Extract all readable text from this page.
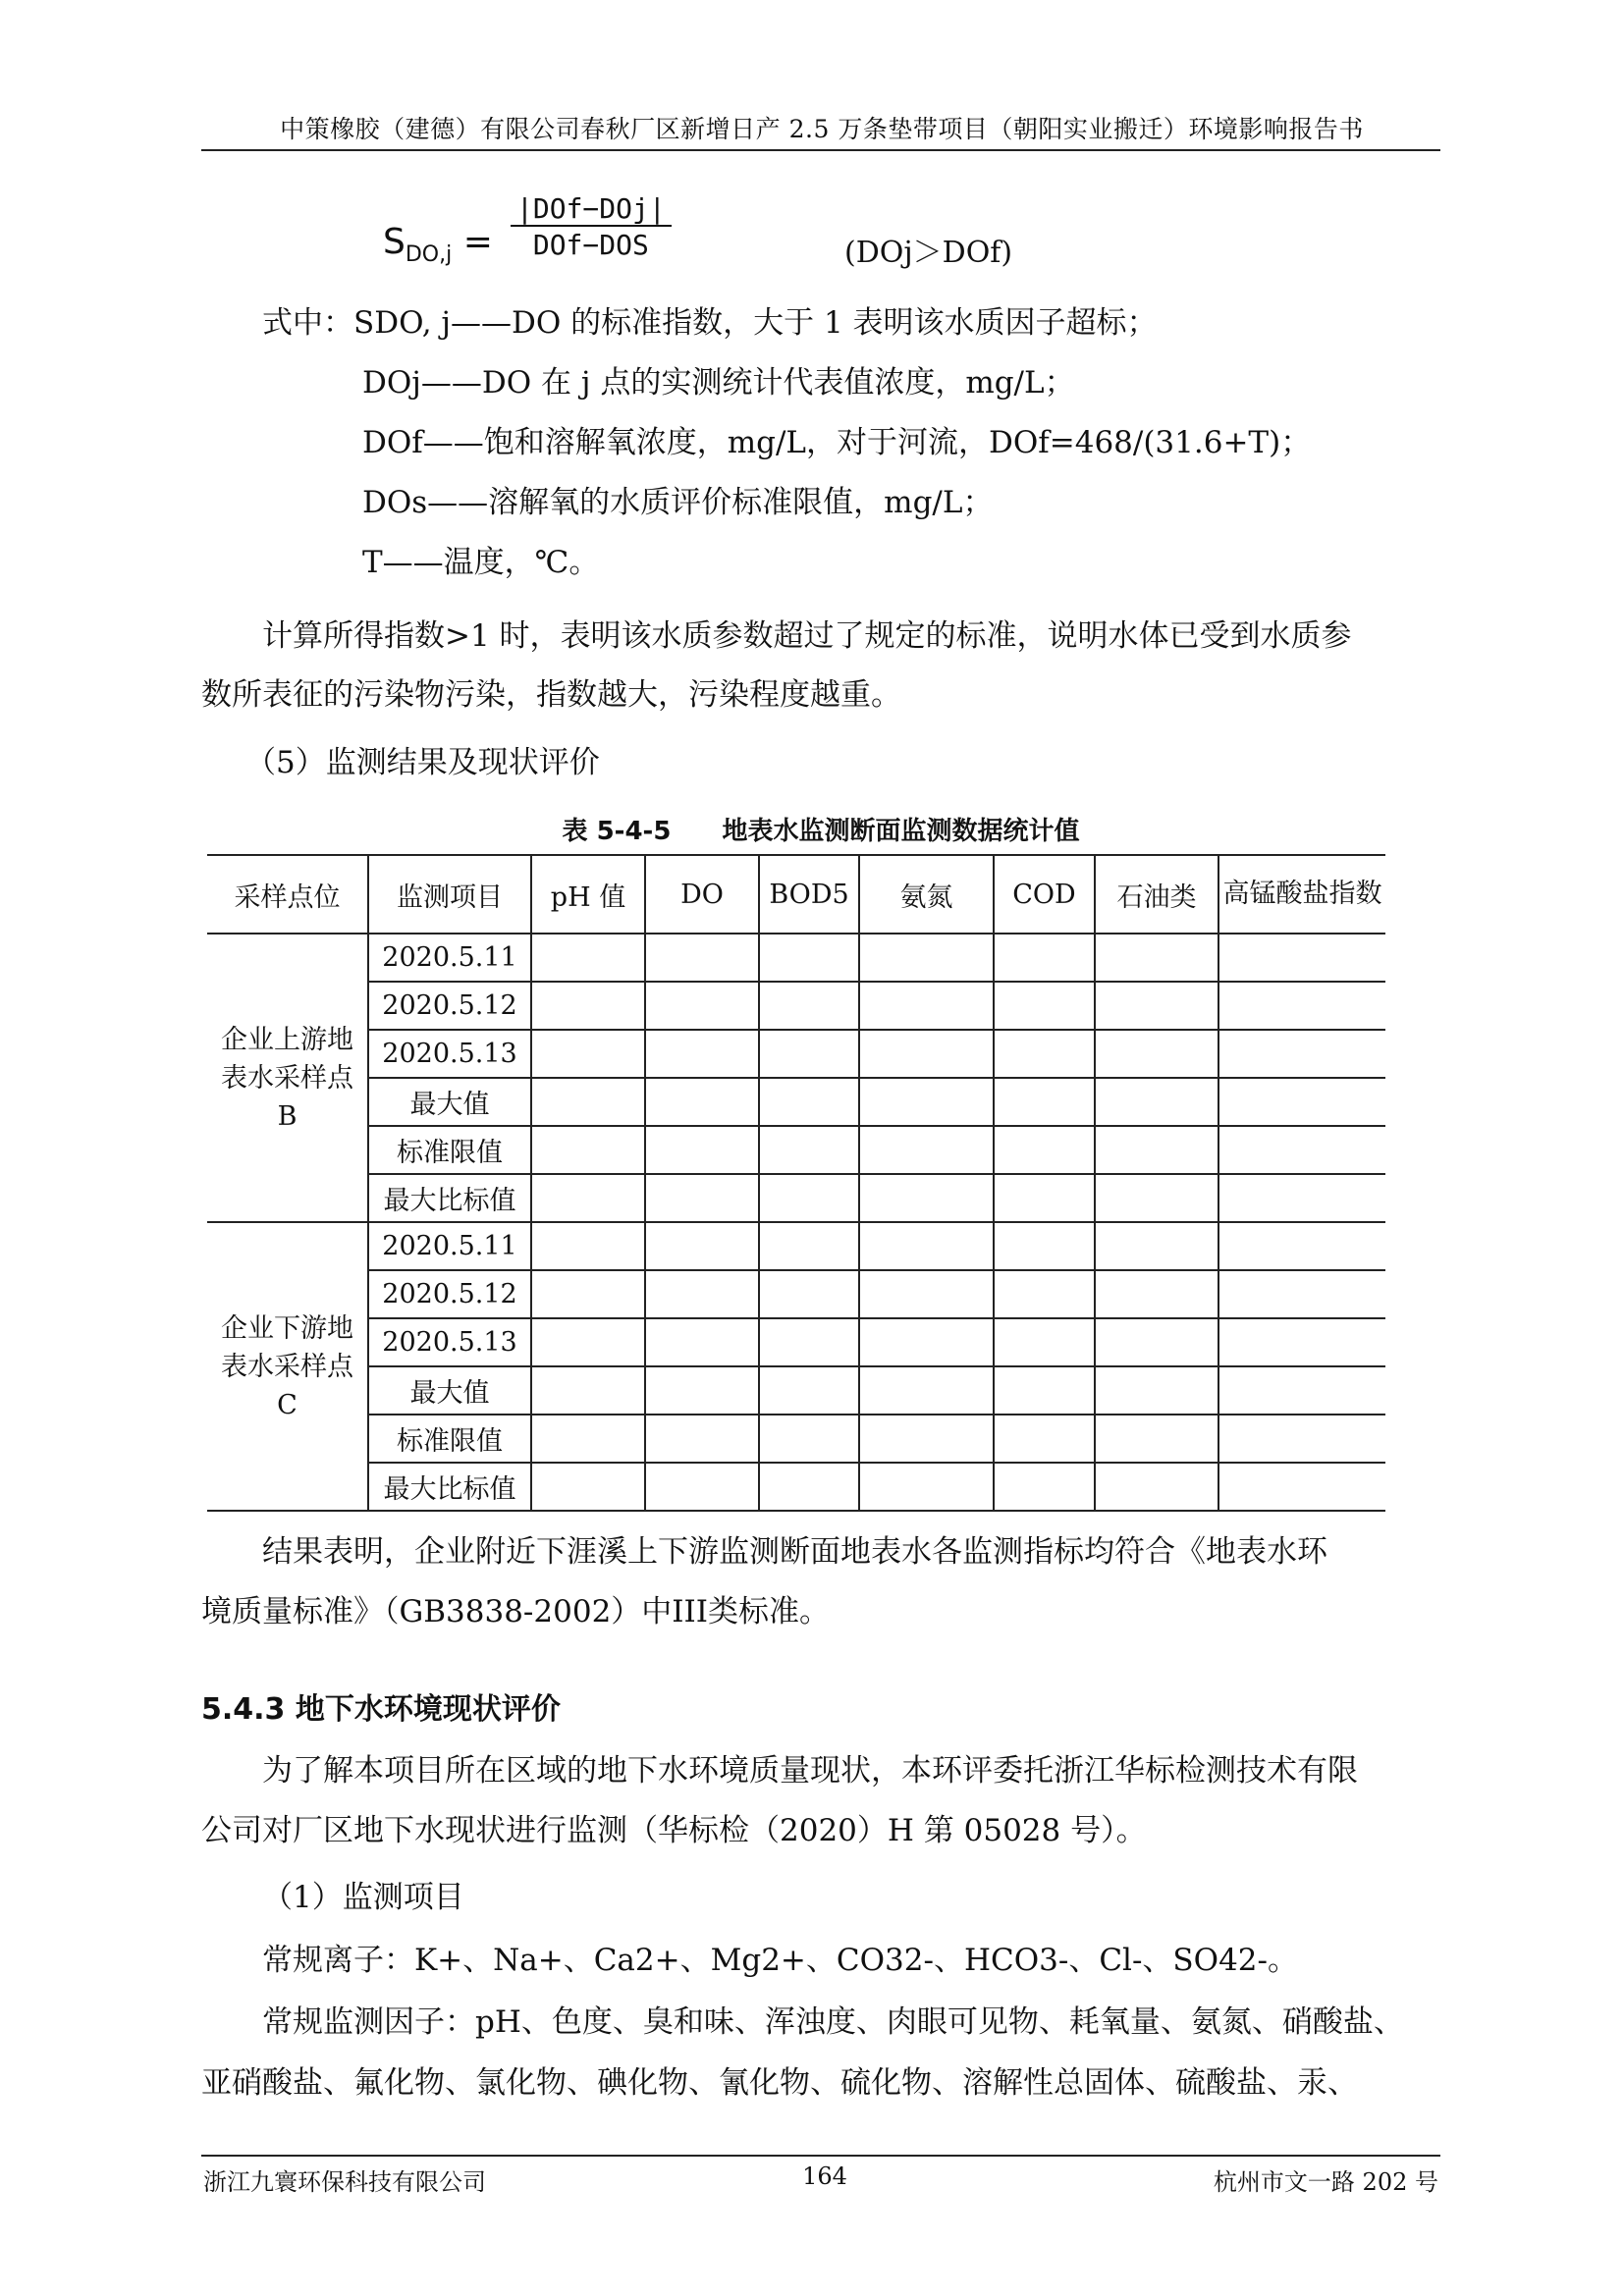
中策橡胶（建德）有限公司春秋厂区新增日产 2.5 万条垫带项目（朝阳实业搬迁）环境影响报告书
$S_{DO,j}$ =
|DOf−DOj|
DOf−DOS	(DOj＞DOf)
式中：SDO, j——DO 的标准指数，大于 1 表明该水质因子超标；
DOj——DO 在 j 点的实测统计代表值浓度，mg/L；
DOf——饱和溶解氧浓度，mg/L，对于河流，DOf=468/(31.6+T)；
DOs——溶解氧的水质评价标准限值，mg/L；
T——温度，℃。
计算所得指数>1 时，表明该水质参数超过了规定的标准，说明水体已受到水质参
数所表征的污染物污染，指数越大，污染程度越重。
（5）监测结果及现状评价
表 5-4-5　　地表水监测断面监测数据统计值
采样点位	监测项目	pH 值	DO	BOD5	氨氮	COD	石油类	高锰酸盐指数
企业上游地表水采样点 B	2020.5.11							
	2020.5.12							
	2020.5.13							
	最大值							
	标准限值							
	最大比标值							
企业下游地表水采样点 C	2020.5.11							
	2020.5.12							
	2020.5.13							
	最大值							
	标准限值							
	最大比标值							
结果表明，企业附近下涯溪上下游监测断面地表水各监测指标均符合《地表水环
境质量标准》（GB3838-2002）中III类标准。
5.4.3 地下水环境现状评价
为了解本项目所在区域的地下水环境质量现状，本环评委托浙江华标检测技术有限
公司对厂区地下水现状进行监测（华标检（2020）H 第 05028 号）。
（1）监测项目
常规离子：K+、Na+、Ca2+、Mg2+、CO32-、HCO3-、Cl-、SO42-。
常规监测因子：pH、色度、臭和味、浑浊度、肉眼可见物、耗氧量、氨氮、硝酸盐、
亚硝酸盐、氟化物、氯化物、碘化物、氰化物、硫化物、溶解性总固体、硫酸盐、汞、
浙江九寰环保科技有限公司	164	杭州市文一路 202 号
